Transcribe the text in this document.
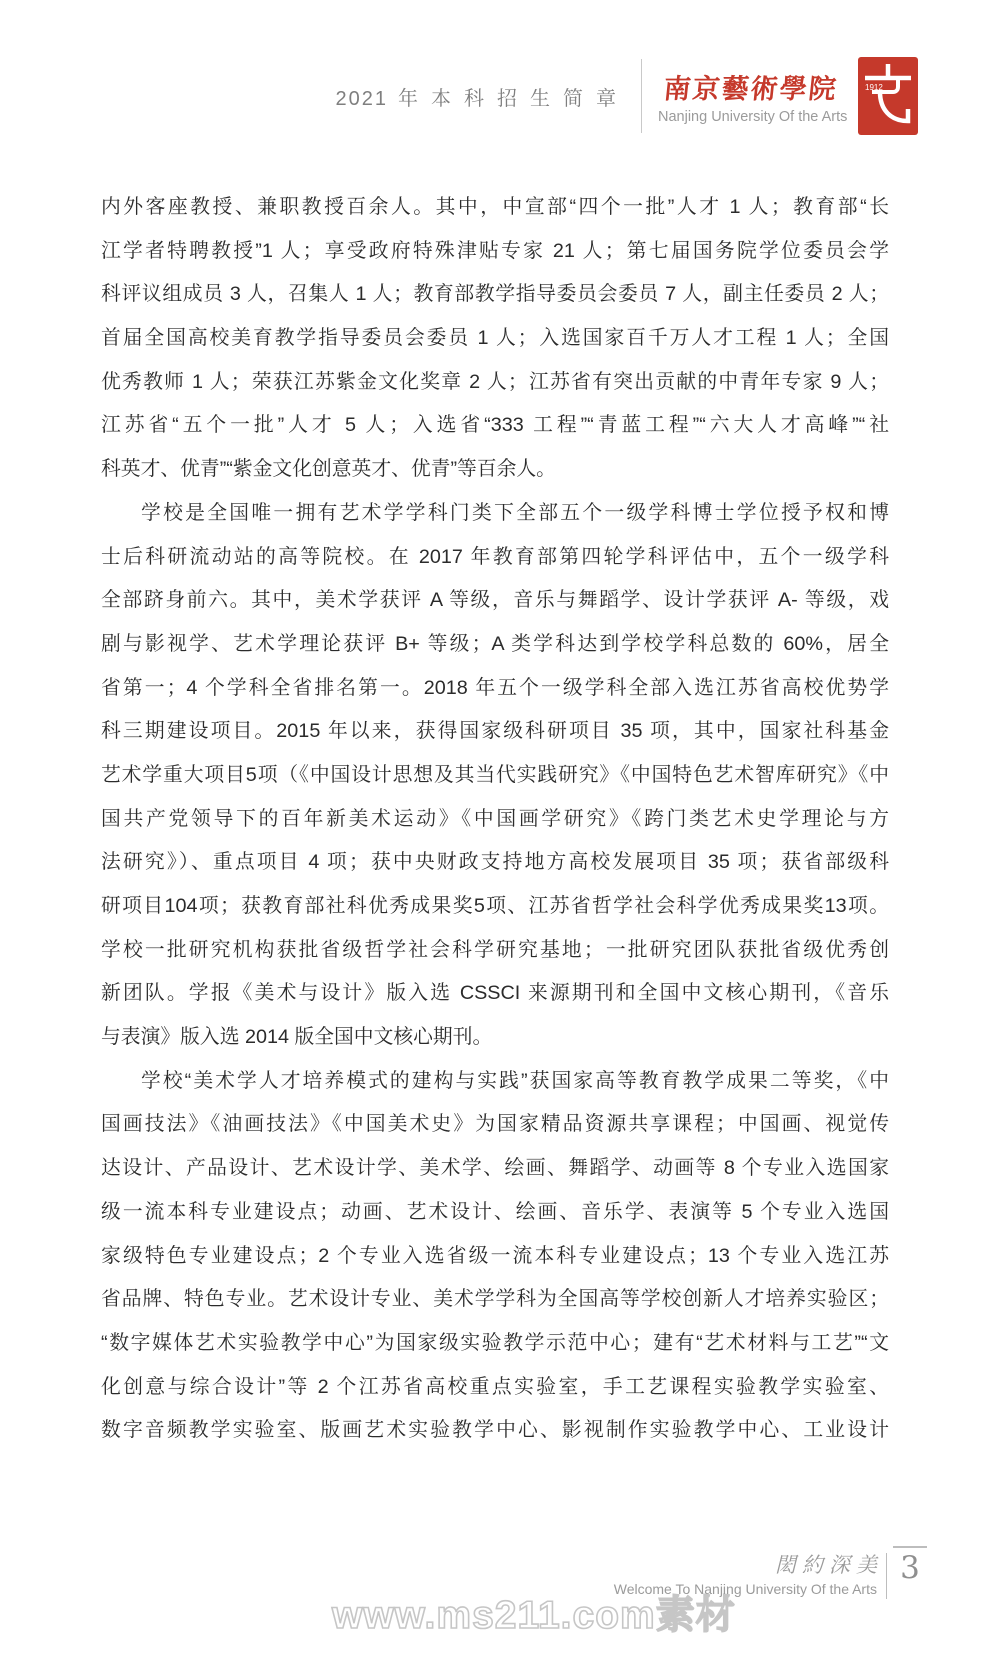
2021 年本科招生简章 南京藝術學院
Nanjing University Of the Arts
1912
内外客座教授、兼职教授百余人。其中，中宣部“四个一批”人才 1 人；教育部“长
江学者特聘教授”1 人；享受政府特殊津贴专家 21 人；第七届国务院学位委员会学
科评议组成员 3 人，召集人 1 人；教育部教学指导委员会委员 7 人，副主任委员 2 人；
首届全国高校美育教学指导委员会委员 1 人；入选国家百千万人才工程 1 人；全国
优秀教师 1 人；荣获江苏紫金文化奖章 2 人；江苏省有突出贡献的中青年专家 9 人；
江苏省“五个一批”人才 5 人；入选省“333 工程”“青蓝工程”“六大人才高峰”“社
科英才、优青”“紫金文化创意英才、优青”等百余人。
学校是全国唯一拥有艺术学学科门类下全部五个一级学科博士学位授予权和博
士后科研流动站的高等院校。在 2017 年教育部第四轮学科评估中，五个一级学科
全部跻身前六。其中，美术学获评 A 等级，音乐与舞蹈学、设计学获评 A- 等级，戏
剧与影视学、艺术学理论获评 B+ 等级；A 类学科达到学校学科总数的 60%，居全
省第一；4 个学科全省排名第一。2018 年五个一级学科全部入选江苏省高校优势学
科三期建设项目。2015 年以来，获得国家级科研项目 35 项，其中，国家社科基金
艺术学重大项目5项（《中国设计思想及其当代实践研究》《中国特色艺术智库研究》《中
国共产党领导下的百年新美术运动》《中国画学研究》《跨门类艺术史学理论与方
法研究》）、重点项目 4 项；获中央财政支持地方高校发展项目 35 项；获省部级科
研项目104项；获教育部社科优秀成果奖5项、江苏省哲学社会科学优秀成果奖13项。
学校一批研究机构获批省级哲学社会科学研究基地；一批研究团队获批省级优秀创
新团队。学报《美术与设计》版入选 CSSCI 来源期刊和全国中文核心期刊，《音乐
与表演》版入选 2014 版全国中文核心期刊。
学校“美术学人才培养模式的建构与实践”获国家高等教育教学成果二等奖，《中
国画技法》《油画技法》《中国美术史》为国家精品资源共享课程；中国画、视觉传
达设计、产品设计、艺术设计学、美术学、绘画、舞蹈学、动画等 8 个专业入选国家
级一流本科专业建设点；动画、艺术设计、绘画、音乐学、表演等 5 个专业入选国
家级特色专业建设点；2 个专业入选省级一流本科专业建设点；13 个专业入选江苏
省品牌、特色专业。艺术设计专业、美术学学科为全国高等学校创新人才培养实验区；
“数字媒体艺术实验教学中心”为国家级实验教学示范中心；建有“艺术材料与工艺”“文
化创意与综合设计”等 2 个江苏省高校重点实验室，手工艺课程实验教学实验室、
数字音频教学实验室、版画艺术实验教学中心、影视制作实验教学中心、工业设计
www.ms211.com素材
閎約深美
Welcome To Nanjing University Of the Arts
3
